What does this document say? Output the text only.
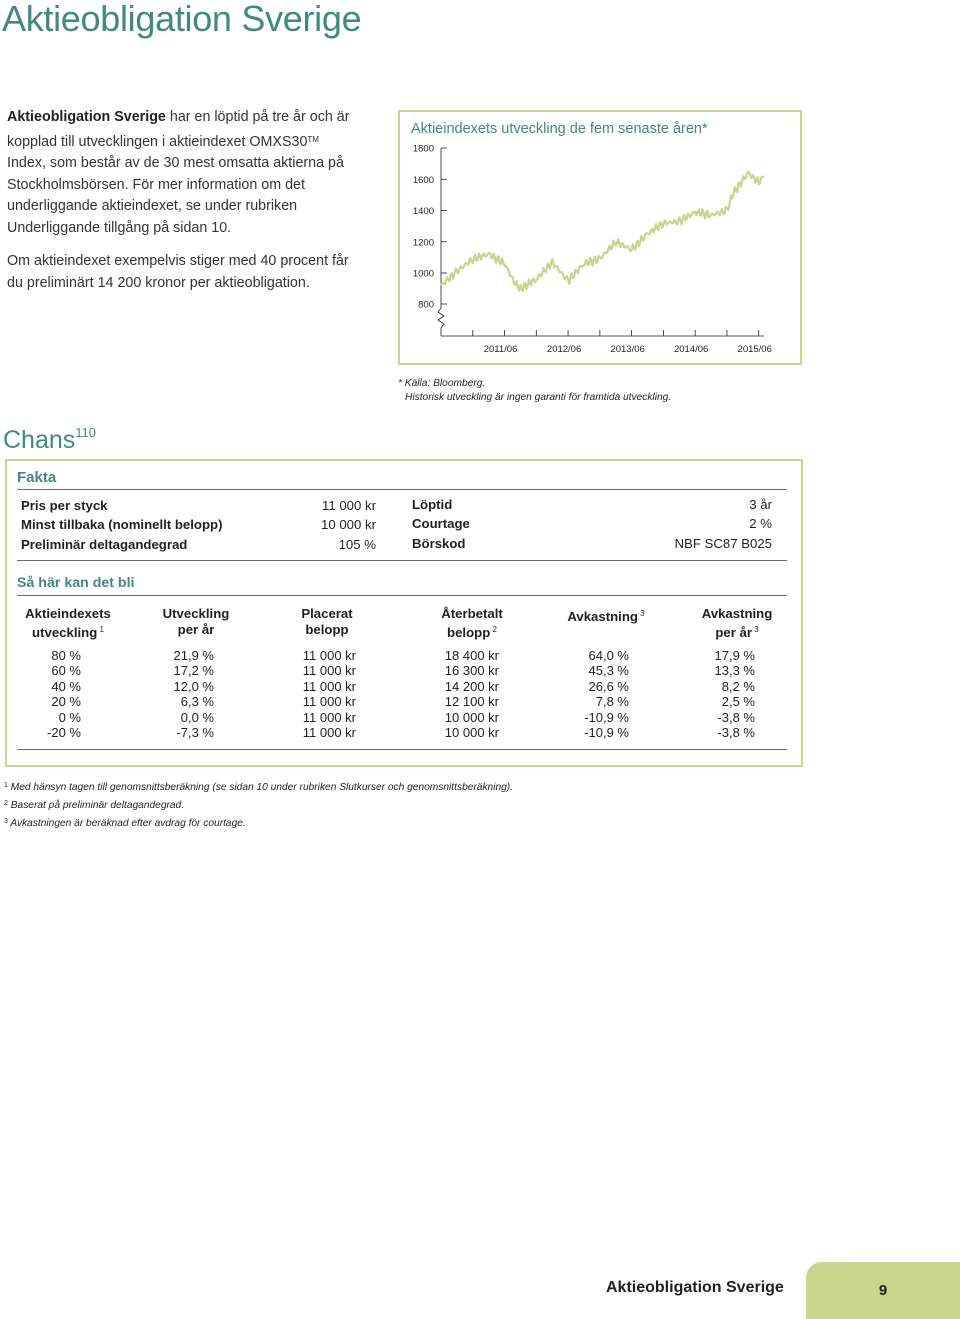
Aktieobligation Sverige

Aktieobligation Sverige har en löptid på tre år och är kopplad till utvecklingen i aktieindexet OMXS30™ Index, som består av de 30 mest omsatta aktierna på Stockholmsbörsen. För mer information om det underliggande aktieindexet, se under rubriken Underliggande tillgång på sidan 10.

Om aktieindexet exempelvis stiger med 40 procent får du preliminärt 14 200 kronor per aktieobligation.

Aktieindexets utveckling de fem senaste åren*
1800
1600
1400
1200
1000
800
2011/06	2012/06	2013/06	2014/06	2015/06
* Källa: Bloomberg.
Historisk utveckling är ingen garanti för framtida utveckling.
Chans$^{110}$
Fakta
Pris per styck	11 000 kr
Minst tillbaka (nominellt belopp)	10 000 kr
Preliminär deltagandegrad	105 %
Löptid	3 år
Courtage	2 %
Börskod	NBF SC87 B025
Så här kan det bli
Aktieindexets
utveckling $^1$
Utveckling
per år
Placerat
belopp
Återbetalt
belopp $^2$
Avkastning $^3$	Avkastning
per år $^3$
80 %	21,9 %	11 000 kr	18 400 kr	64,0 %	17,9 %
60 %	17,2 %	11 000 kr	16 300 kr	45,3 %	13,3 %
40 %	12,0 %	11 000 kr	14 200 kr	26,6 %	8,2 %
20 %	6,3 %	11 000 kr	12 100 kr	7,8 %	2,5 %
0 %	0,0 %	11 000 kr	10 000 kr	-10,9 %	-3,8 %
-20 %	-7,3 %	11 000 kr	10 000 kr	-10,9 %	-3,8 %
$^1$ Med hänsyn tagen till genomsnittsberäkning (se sidan 10 under rubriken Slutkurser och genomsnittsberäkning).
$^2$ Baserat på preliminär deltagandegrad.
$^3$ Avkastningen är beräknad efter avdrag för courtage.
Aktieobligation Sverige	9
